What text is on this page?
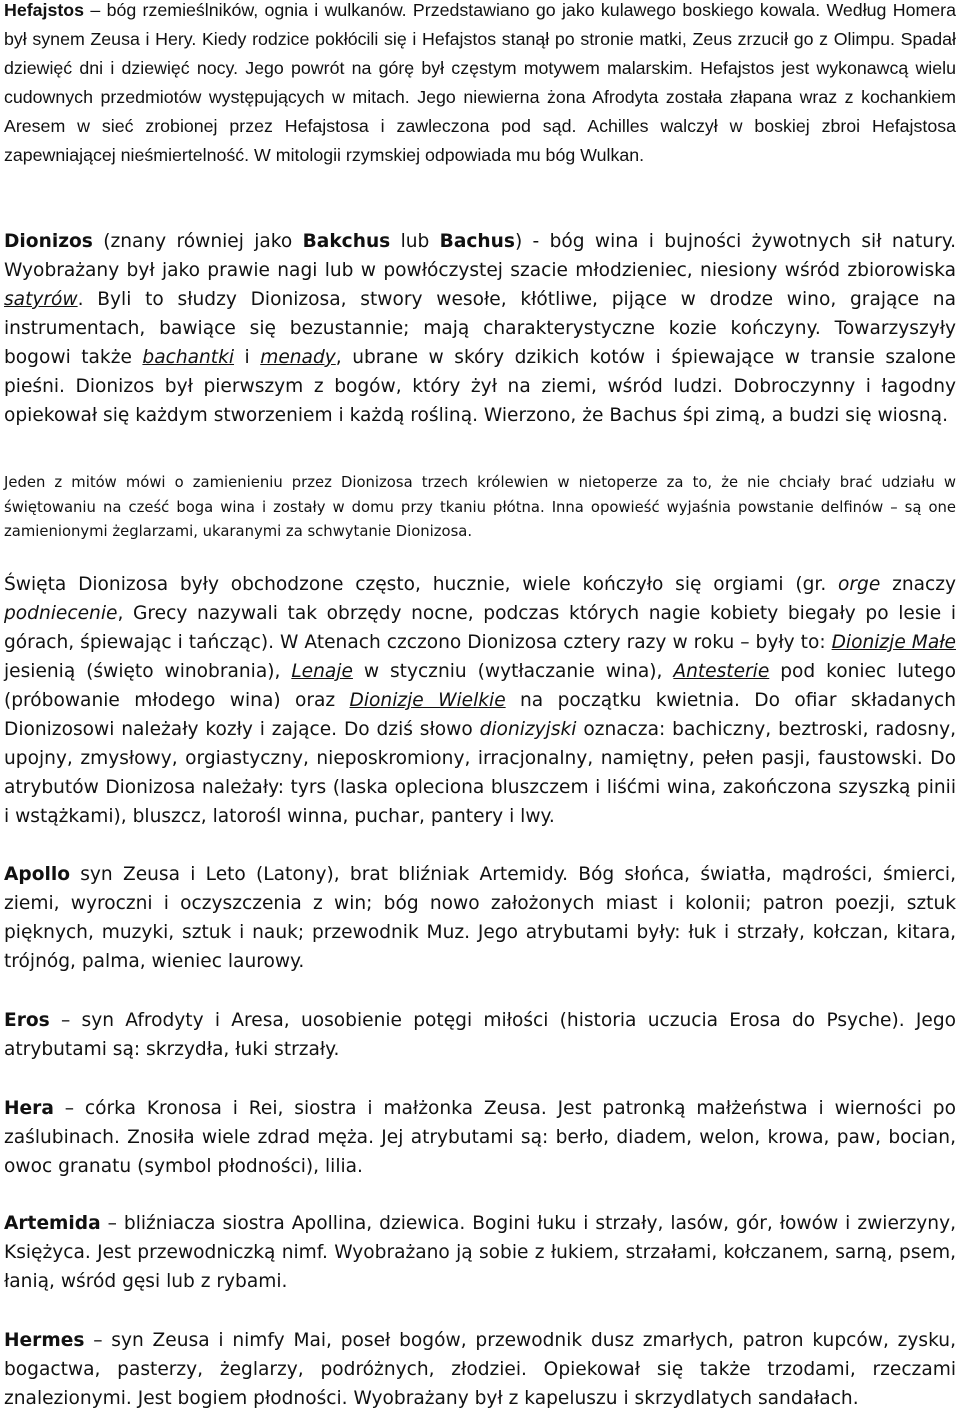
Hefajstos – bóg rzemieślników, ognia i wulkanów. Przedstawiano go jako kulawego boskiego kowala. Według Homera był synem Zeusa i Hery. Kiedy rodzice pokłócili się i Hefajstos stanął po stronie matki, Zeus zrzucił go z Olimpu. Spadał dziewięć dni i dziewięć nocy. Jego powrót na górę był częstym motywem malarskim. Hefajstos jest wykonawcą wielu cudownych przedmiotów występujących w mitach. Jego niewierna żona Afrodyta została złapana wraz z kochankiem Aresem w sieć zrobionej przez Hefajstosa i zawleczona pod sąd. Achilles walczył w boskiej zbroi Hefajstosa zapewniającej nieśmiertelność. W mitologii rzymskiej odpowiada mu bóg Wulkan.

Dionizos (znany równiej jako Bakchus lub Bachus) - bóg wina i bujności żywotnych sił natury. Wyobrażany był jako prawie nagi lub w powłóczystej szacie młodzieniec, niesiony wśród zbiorowiska satyrów. Byli to słudzy Dionizosa, stwory wesołe, kłótliwe, pijące w drodze wino, grające na instrumentach, bawiące się bezustannie; mają charakterystyczne kozie kończyny. Towarzyszyły bogowi także bachantki i menady, ubrane w skóry dzikich kotów i śpiewające w transie szalone pieśni. Dionizos był pierwszym z bogów, który żył na ziemi, wśród ludzi. Dobroczynny i łagodny opiekował się każdym stworzeniem i każdą rośliną. Wierzono, że Bachus śpi zimą, a budzi się wiosną.

Jeden z mitów mówi o zamienieniu przez Dionizosa trzech królewien w nietoperze za to, że nie chciały brać udziału w świętowaniu na cześć boga wina i zostały w domu przy tkaniu płótna. Inna opowieść wyjaśnia powstanie delfinów – są one zamienionymi żeglarzami, ukaranymi za schwytanie Dionizosa.

Święta Dionizosa były obchodzone często, hucznie, wiele kończyło się orgiami (gr. orge znaczy podniecenie, Grecy nazywali tak obrzędy nocne, podczas których nagie kobiety biegały po lesie i górach, śpiewając i tańcząc). W Atenach czczono Dionizosa cztery razy w roku – były to: Dionizje Małe jesienią (święto winobrania), Lenaje w styczniu (wytłaczanie wina), Antesterie pod koniec lutego (próbowanie młodego wina) oraz Dionizje Wielkie na początku kwietnia. Do ofiar składanych Dionizosowi należały kozły i zające. Do dziś słowo dionizyjski oznacza: bachiczny, beztroski, radosny, upojny, zmysłowy, orgiastyczny, nieposkromiony, irracjonalny, namiętny, pełen pasji, faustowski. Do atrybutów Dionizosa należały: tyrs (laska opleciona bluszczem i liśćmi wina, zakończona szyszką pinii i wstążkami), bluszcz, latorośl winna, puchar, pantery i lwy.

Apollo syn Zeusa i Leto (Latony), brat bliźniak Artemidy. Bóg słońca, światła, mądrości, śmierci, ziemi, wyroczni i oczyszczenia z win; bóg nowo założonych miast i kolonii; patron poezji, sztuk pięknych, muzyki, sztuk i nauk; przewodnik Muz. Jego atrybutami były: łuk i strzały, kołczan, kitara, trójnóg, palma, wieniec laurowy.

Eros – syn Afrodyty i Aresa, uosobienie potęgi miłości (historia uczucia Erosa do Psyche). Jego atrybutami są: skrzydła, łuki strzały.

Hera – córka Kronosa i Rei, siostra i małżonka Zeusa. Jest patronką małżeństwa i wierności po zaślubinach. Znosiła wiele zdrad męża. Jej atrybutami są: berło, diadem, welon, krowa, paw, bocian, owoc granatu (symbol płodności), lilia.

Artemida – bliźniacza siostra Apollina, dziewica. Bogini łuku i strzały, lasów, gór, łowów i zwierzyny, Księżyca. Jest przewodniczką nimf. Wyobrażano ją sobie z łukiem, strzałami, kołczanem, sarną, psem, łanią, wśród gęsi lub z rybami.

Hermes – syn Zeusa i nimfy Mai, poseł bogów, przewodnik dusz zmarłych, patron kupców, zysku, bogactwa, pasterzy, żeglarzy, podróżnych, złodziei. Opiekował się także trzodami, rzeczami znalezionymi. Jest bogiem płodności. Wyobrażany był z kapeluszu i skrzydlatych sandałach.
